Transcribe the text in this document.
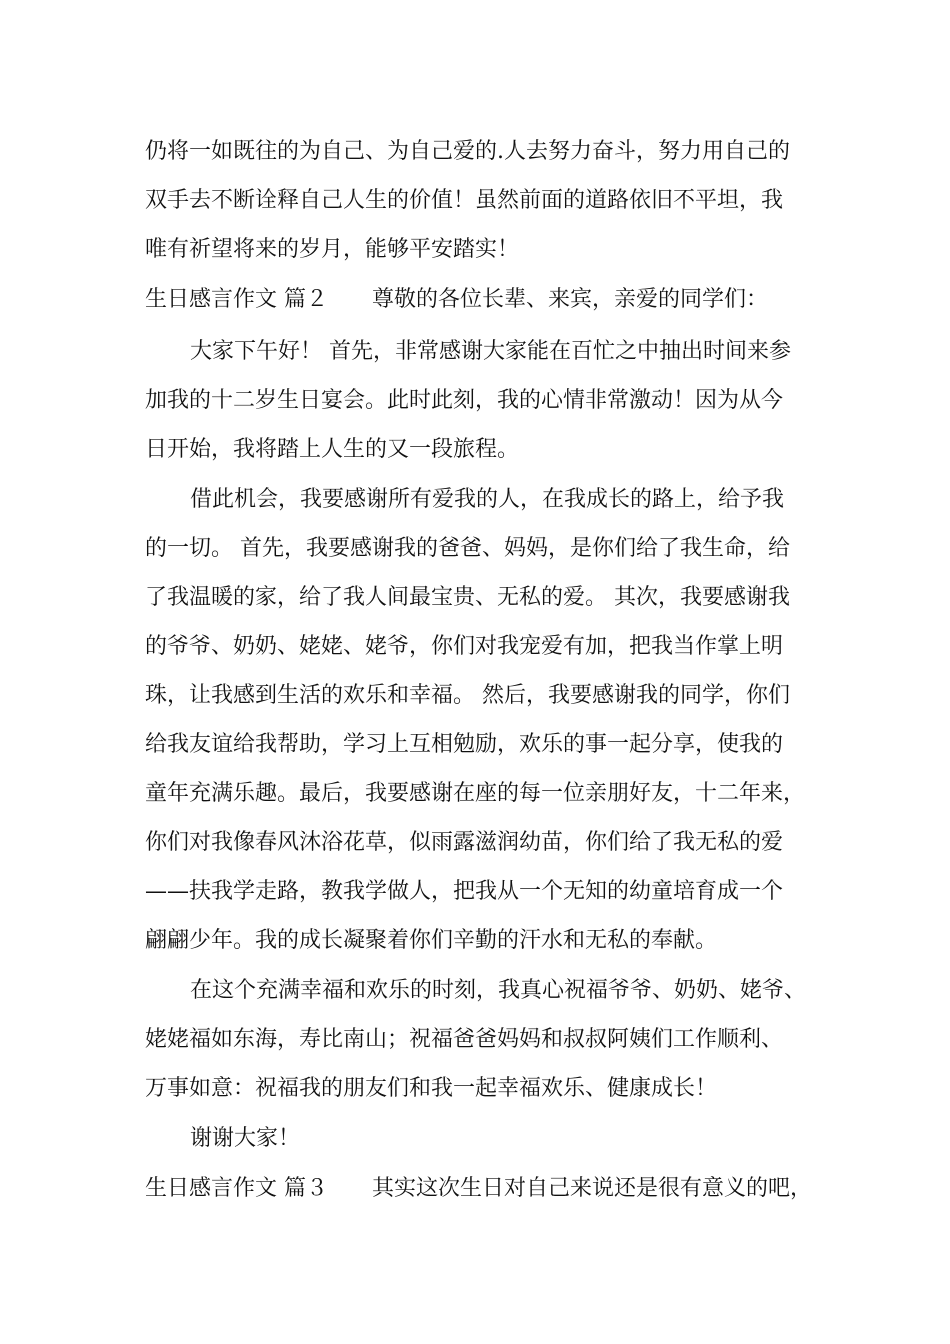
仍将一如既往的为自己、为自己爱的.人去努力奋斗，努力用自己的
双手去不断诠释自己人生的价值！虽然前面的道路依旧不平坦，我
唯有祈望将来的岁月，能够平安踏实！
生日感言作文 篇２ 尊敬的各位长辈、来宾，亲爱的同学们：
大家下午好！ 首先，非常感谢大家能在百忙之中抽出时间来参
加我的十二岁生日宴会。此时此刻，我的心情非常激动！因为从今
日开始，我将踏上人生的又一段旅程。
借此机会，我要感谢所有爱我的人，在我成长的路上，给予我
的一切。 首先，我要感谢我的爸爸、妈妈，是你们给了我生命，给
了我温暖的家，给了我人间最宝贵、无私的爱。 其次，我要感谢我
的爷爷、奶奶、姥姥、姥爷，你们对我宠爱有加，把我当作掌上明
珠，让我感到生活的欢乐和幸福。 然后，我要感谢我的同学，你们
给我友谊给我帮助，学习上互相勉励，欢乐的事一起分享，使我的
童年充满乐趣。最后，我要感谢在座的每一位亲朋好友，十二年来，
你们对我像春风沐浴花草，似雨露滋润幼苗，你们给了我无私的爱
——扶我学走路，教我学做人，把我从一个无知的幼童培育成一个
翩翩少年。我的成长凝聚着你们辛勤的汗水和无私的奉献。
在这个充满幸福和欢乐的时刻，我真心祝福爷爷、奶奶、姥爷、
姥姥福如东海，寿比南山；祝福爸爸妈妈和叔叔阿姨们工作顺利、
万事如意：祝福我的朋友们和我一起幸福欢乐、健康成长！
谢谢大家！
生日感言作文 篇３ 其实这次生日对自己来说还是很有意义的吧，
